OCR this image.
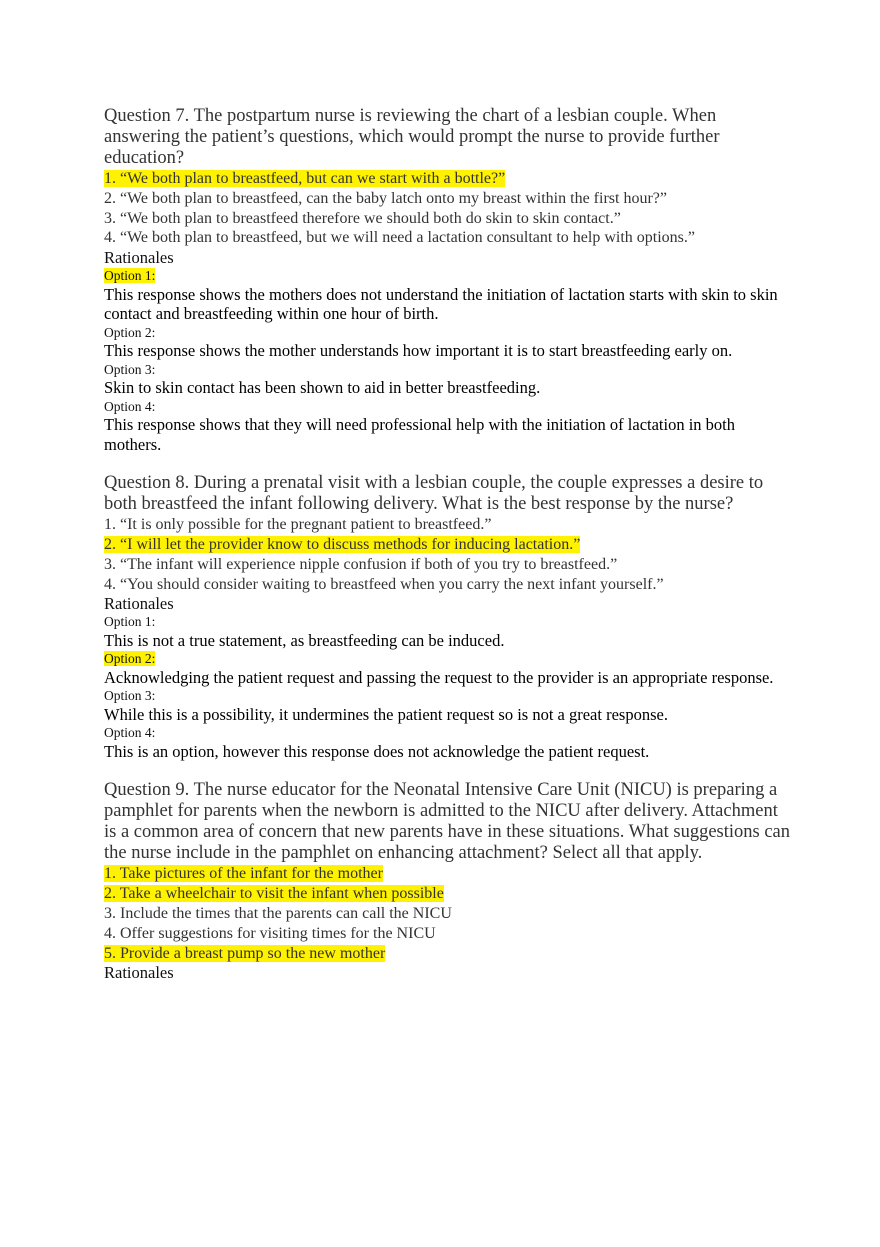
Question 7. The postpartum nurse is reviewing the chart of a lesbian couple. When answering the patient’s questions, which would prompt the nurse to provide further education?
1. “We both plan to breastfeed, but can we start with a bottle?”
2. “We both plan to breastfeed, can the baby latch onto my breast within the first hour?”
3. “We both plan to breastfeed therefore we should both do skin to skin contact.”
4. “We both plan to breastfeed, but we will need a lactation consultant to help with options.”
Rationales
Option 1:
This response shows the mothers does not understand the initiation of lactation starts with skin to skin contact and breastfeeding within one hour of birth.
Option 2:
This response shows the mother understands how important it is to start breastfeeding early on.
Option 3:
Skin to skin contact has been shown to aid in better breastfeeding.
Option 4:
This response shows that they will need professional help with the initiation of lactation in both mothers.
Question 8. During a prenatal visit with a lesbian couple, the couple expresses a desire to both breastfeed the infant following delivery. What is the best response by the nurse?
1. “It is only possible for the pregnant patient to breastfeed.”
2. “I will let the provider know to discuss methods for inducing lactation.”
3. “The infant will experience nipple confusion if both of you try to breastfeed.”
4. “You should consider waiting to breastfeed when you carry the next infant yourself.”
Rationales
Option 1:
This is not a true statement, as breastfeeding can be induced.
Option 2:
Acknowledging the patient request and passing the request to the provider is an appropriate response.
Option 3:
While this is a possibility, it undermines the patient request so is not a great response.
Option 4:
This is an option, however this response does not acknowledge the patient request.
Question 9. The nurse educator for the Neonatal Intensive Care Unit (NICU) is preparing a pamphlet for parents when the newborn is admitted to the NICU after delivery. Attachment is a common area of concern that new parents have in these situations. What suggestions can the nurse include in the pamphlet on enhancing attachment? Select all that apply.
1. Take pictures of the infant for the mother
2. Take a wheelchair to visit the infant when possible
3. Include the times that the parents can call the NICU
4. Offer suggestions for visiting times for the NICU
5. Provide a breast pump so the new mother
Rationales
